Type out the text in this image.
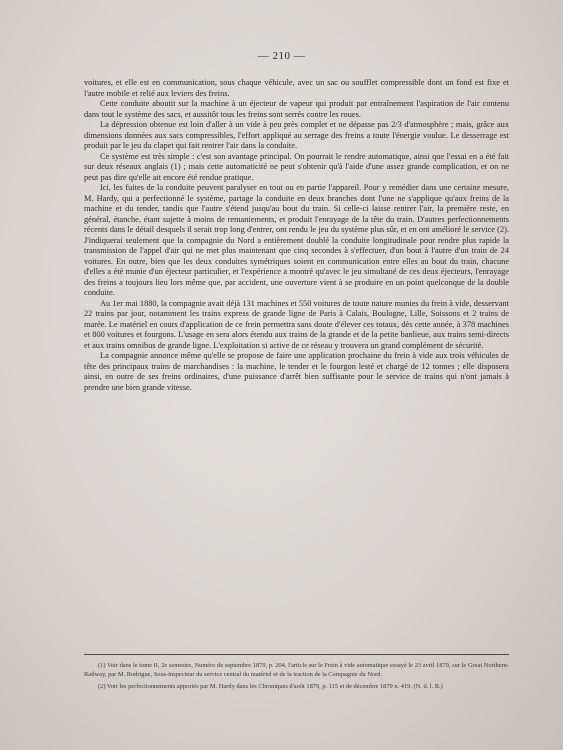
— 210 —

voitures, et elle est en communication, sous chaque véhicule, avec un sac ou soufflet compressible dont un fond est fixe et l'autre mobile et relié aux leviers des freins.

Cette conduite aboutit sur la machine à un éjecteur de vapeur qui produit par entraînement l'aspiration de l'air contenu dans tout le système des sacs, et aussitôt tous les freins sont serrés contre les roues.

La dépression obtenue est loin d'aller à un vide à peu près complet et ne dépasse pas 2/3 d'atmosphère ; mais, grâce aux dimensions données aux sacs compressibles, l'effort appliqué au serrage des freins a toute l'énergie voulue. Le desserrage est produit par le jeu du clapet qui fait rentrer l'air dans la conduite.

Ce système est très simple : c'est son avantage principal. On pourrait le rendre automatique, ainsi que l'essai en a été fait sur deux réseaux anglais (1) ; mais cette automaticité ne peut s'obtenir qu'à l'aide d'une assez grande complication, et on ne peut pas dire qu'elle ait encore été rendue pratique.

Ici, les fuites de la conduite peuvent paralyser en tout ou en partie l'appareil. Pour y remédier dans une certaine mesure, M. Hardy, qui a perfectionné le système, partage la conduite en deux branches dont l'une ne s'applique qu'aux freins de la machine et du tender, tandis que l'autre s'étend jusqu'au bout du train. Si celle-ci laisse rentrer l'air, la première reste, en général, étanche, étant sujette à moins de remaniements, et produit l'enrayage de la tête du train. D'autres perfectionnements récents dans le détail desquels il serait trop long d'entrer, ont rendu le jeu du système plus sûr, et en ont amélioré le service (2). J'indiquerai seulement que la compagnie du Nord a entièrement doublé la conduite longitudinale pour rendre plus rapide la transmission de l'appel d'air qui ne met plus maintenant que cinq secondes à s'effectuer, d'un bout à l'autre d'un train de 24 voitures. En outre, bien que les deux conduites symétriques soient en communication entre elles au bout du train, chacune d'elles a été munie d'un éjecteur particulier, et l'expérience a montré qu'avec le jeu simultané de ces deux éjecteurs, l'enrayage des freins a toujours lieu lors même que, par accident, une ouverture vient à se produire en un point quelconque de la double conduite.

Au 1er mai 1880, la compagnie avait déjà 131 machines et 550 voitures de toute nature munies du frein à vide, desservant 22 trains par jour, notamment les trains express de grande ligne de Paris à Calais, Boulogne, Lille, Soissons et 2 trains de marée. Le matériel en cours d'application de ce frein permettra sans doute d'élever ces totaux, dès cette année, à 378 machines et 800 voitures et fourgons. L'usage en sera alors étendu aux trains de la grande et de la petite banlieue, aux trains semi-directs et aux trains omnibus de grande ligne. L'exploitation si active de ce réseau y trouvera un grand complément de sécurité.

La compagnie annonce même qu'elle se propose de faire une application prochaine du frein à vide aux trois véhicules de tête des principaux trains de marchandises : la machine, le tender et le fourgon lesté et chargé de 12 tonnes ; elle disposera ainsi, en outre de ses freins ordinaires, d'une puissance d'arrêt bien suffisante pour le service de trains qui n'ont jamais à prendre une bien grande vitesse.

(1) Voir dans le tome II, 2e semestre, Numéro de septembre 1879, p. 204, l'article sur le Frein à vide automatique essayé le 23 avril 1879, sur le Great Northern-Railway, par M. Rodrigue, Sous-inspecteur du service central du matériel et de la traction de la Compagnie du Nord.

(2) Voir les perfectionnements apportés par M. Hardy dans les Chroniques d'août 1879, p. 115 et de décembre 1879 n. 419. (N. d. l. R.)
